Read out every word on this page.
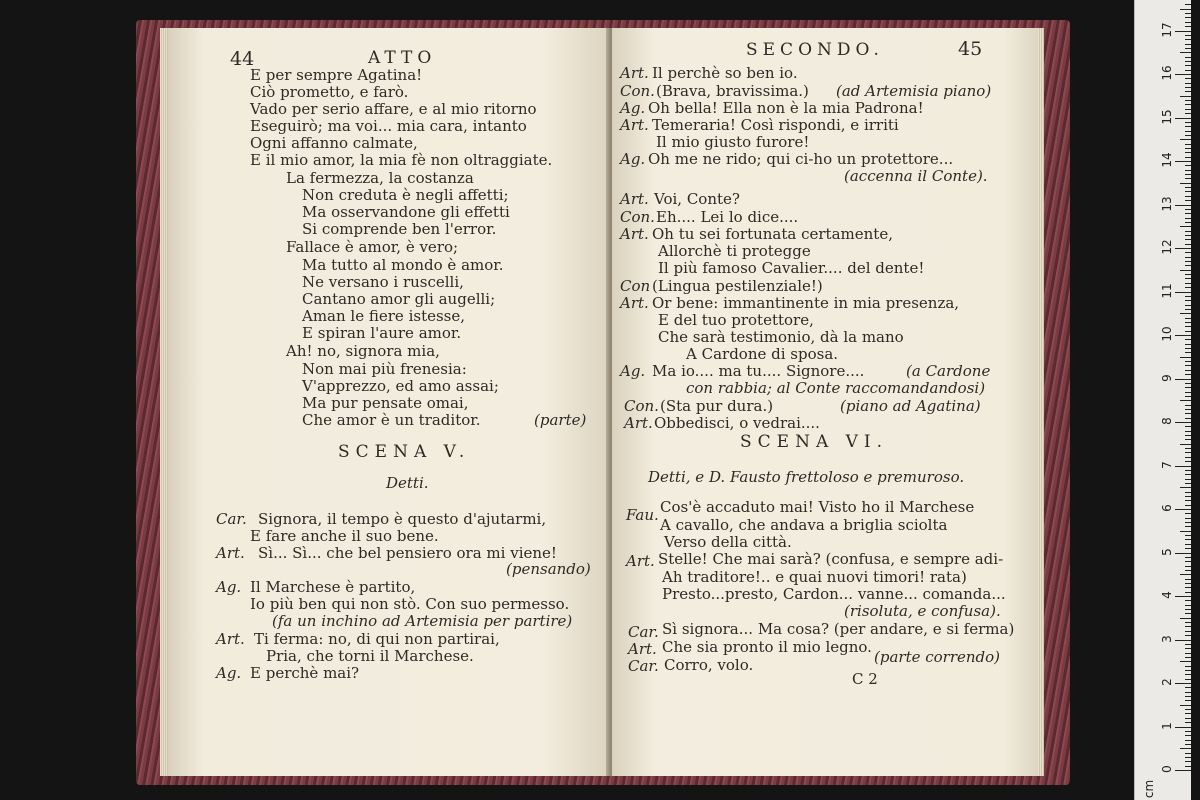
44	ATTO
E per sempre Agatina!
Ciò prometto, e farò.
Vado per serio affare, e al mio ritorno
Eseguirò; ma voi... mia cara, intanto
Ogni affanno calmate,
E il mio amor, la mia fè non oltraggiate.
La fermezza, la costanza
Non creduta è negli affetti;
Ma osservandone gli effetti
Si comprende ben l'error.
Fallace è amor, è vero;
Ma tutto al mondo è amor.
Ne versano i ruscelli,
Cantano amor gli augelli;
Aman le fiere istesse,
E spiran l'aure amor.
Ah! no, signora mia,
Non mai più frenesia:
V'apprezzo, ed amo assai;
Ma pur pensate omai,
Che amor è un traditor.	(parte)
SCENA V.
Detti.
Car. Signora, il tempo è questo d'ajutarmi,
E fare anche il suo bene.
Art. Sì... Sì... che bel pensiero ora mi viene!
(pensando)
Ag. Il Marchese è partito,
Io più ben qui non stò. Con suo permesso.
(fa un inchino ad Artemisia per partire)
Art. Ti ferma: no, di qui non partirai,
Pria, che torni il Marchese.
Ag. E perchè mai?
SECONDO.	45
Art. Il perchè so ben io.
Con. (Brava, bravissima.) (ad Artemisia piano)
Ag. Oh bella! Ella non è la mia Padrona!
Art. Temeraria! Così rispondi, e irriti
Il mio giusto furore!
Ag. Oh me ne rido; qui ci-ho un protettore...
(accenna il Conte).
Art. Voi, Conte?
Con. Eh.... Lei lo dice....
Art. Oh tu sei fortunata certamente,
Allorchè ti protegge
Il più famoso Cavalier.... del dente!
Con (Lingua pestilenziale!)
Art. Or bene: immantinente in mia presenza,
E del tuo protettore,
Che sarà testimonio, dà la mano
A Cardone di sposa.
Ag. Ma io.... ma tu.... Signore....	(a Cardone
con rabbia; al Conte raccomandandosi)
Con. (Sta pur dura.)	(piano ad Agatina)
Art. Obbedisci, o vedrai....
SCENA VI.
Detti, e D. Fausto frettoloso e premuroso.
Fau. Cos'è accaduto mai! Visto ho il Marchese
A cavallo, che andava a briglia sciolta
Verso della città.
Art. Stelle! Che mai sarà? (confusa, e sempre adi-
Ah traditore!.. e quai nuovi timori! rata)
Presto...presto, Cardon... vanne... comanda...
(risoluta, e confusa).
Car. Sì signora... Ma cosa? (per andare, e si ferma)
Art. Che sia pronto il mio legno.
Car. Corro, volo.	(parte correndo)
C 2
0
1
2
3
4
5
6
7
8
9
10
11
12
13
14
15
16
17
cm
